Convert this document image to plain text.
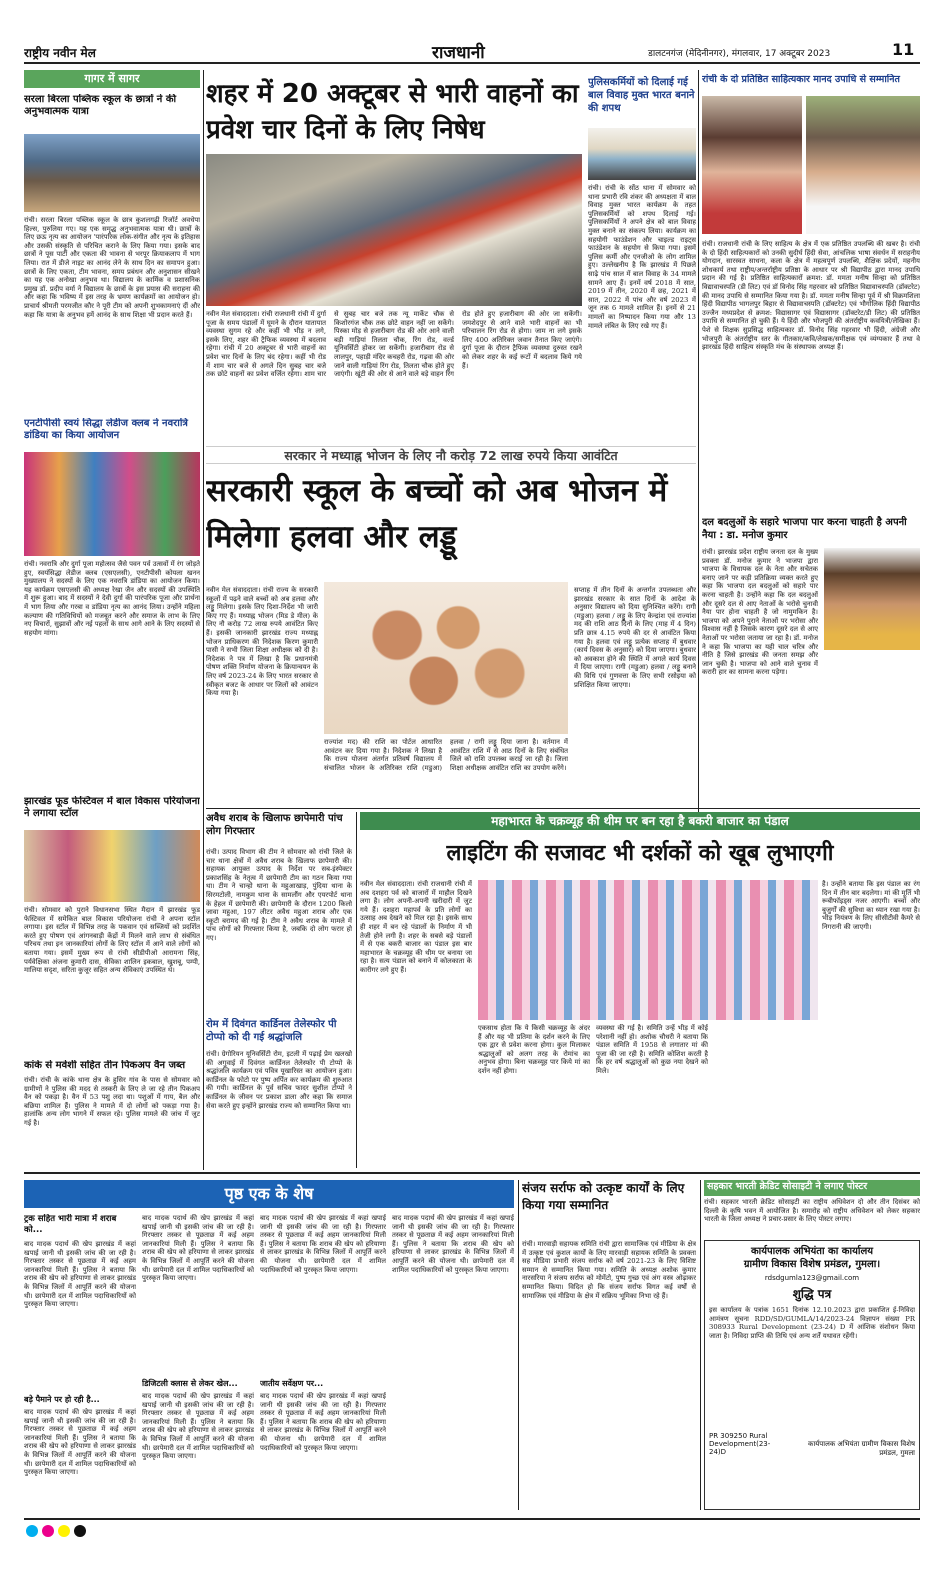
राष्ट्रीय नवीन मेल	राजधानी	डालटनगंज (मेदिनीनगर), मंगलवार, 17 अक्टूबर 2023	11
गागर में सागर
सरला बिरला पब्लिक स्कूल के छात्रों ने की अनुभवात्मक यात्रा
रांची। सरला बिरला पब्लिक स्कूल के छात्र कुशलगढ़ी रिजॉर्ट अवधेपा हिल्स, पुरुलिया गए। यह एक समृद्ध अनुभवात्मक यात्रा थी। छात्रों के लिए छऊ नृत्य का आयोजन 'पारंपरिक लोक-संगीत और नृत्य के इतिहास और उसकी संस्कृति से परिचित कराने के लिए किया गया। इसके बाद छात्रों ने पूस पार्टी और एकता की भावना से भरपूर क्रियाकलाप में भाग लिया। रात में डीजे नाइट का आनंद लेने के साथ दिन का समापन हुआ। छात्रों के लिए एकता, टीम भावना, समय प्रबंधन और अनुशासन सीखने का यह एक अनोखा अनुभव था। विद्यालय के कार्मिक व प्रशासनिक प्रमुख डॉ. प्रदीप वर्मा ने विद्यालय के छात्रों के इस प्रयास की सराहना की और कहा कि भविष्य में इस तरह के भ्रमण कार्यक्रमों का आयोजन हो। प्राचार्य श्रीमती परमजीत कौर ने पूरी टीम को अपनी शुभकामनाएं दीं और कहा कि यात्रा के अनुभव हमें आनंद के साथ शिक्षा भी प्रदान करते हैं।
एनटीपीसी स्वयं सिद्धा लेडीज क्लब ने नवरात्रि डांडिया का किया आयोजन
रांची। नवरात्रि और दुर्गा पूजा महोत्सव जैसे पवन पर्व उत्सवों में रंग जोड़ते हुए, स्वयंसिद्धा लेडीज क्लब (एसएलसी), एनटीपीसी कोयला खनन मुख्यालय ने सदस्यों के लिए एक नवरात्रि डांडिया का आयोजन किया। यह कार्यक्रम एसएलसी की अध्यक्ष रेखा जैन और सदस्यों की उपस्थिति में शुरू हुआ। बाद में सदस्यों ने देवी दुर्गा की पारंपरिक पूजा और प्रार्थना में भाग लिया और गरबा व डांडिया नृत्य का आनंद लिया। उन्होंने महिला कल्याण की गतिविधियों को मजबूत करने और समाज के लाभ के लिए नए विचारों, सुझावों और नई पहलों के साथ आगे आने के लिए सदस्यों से सहयोग मांगा।
झारखंड फूड फेस्टिवल में बाल विकास परियोजना ने लगाया स्टॉल
रांची। सोमवार को पुराने विधानसभा स्थित मैदान में झारखंड फूड फेस्टिवल में समेकित बाल विकास परियोजना रांची ने अपना स्टॉल लगाया। इस स्टॉल में विभिन्न तरह के पकवान एवं सब्जियों को प्रदर्शित करते हुए पोषण एवं आंगनबाड़ी केंद्रों में मिलने वाले लाभ से संबंधित परिचय तथा इन जानकारियां लोगों के लिए स्टॉल में आने वाले लोगों को बताया गया। इसमें मुख्य रूप से रांची सीडीपीओ आरामना सिंह, पर्यवेक्षिका अंजना कुमारी दास, सेविका शालिन इकबाल, खुशबू, पम्पी, मालिया सदृश, सरिता कुजूर सहित अन्य सेविकाएं उपस्थित थे।
कांके से मवेशी सहित तीन पिकअप वैन जब्त
रांची। रांची के कांके थाना क्षेत्र के हुसिर गांव के पास से सोमवार को ग्रामीणों ने पुलिस की मदद से तस्करी के लिए ले जा रहे तीन पिकअप वैन को पकड़ा है। वैन में 53 पशु लदा था। पशुओं में गाय, बैल और बछिया शामिल हैं। पुलिस ने मामले में दो लोगों को पकड़ा गया है। हालांकि अन्य लोग भागने में सफल रहे। पुलिस मामले की जांच में जुट गई है।
शहर में 20 अक्टूबर से भारी वाहनों का प्रवेश चार दिनों के लिए निषेध
नवीन मेल संवाददाता। रांची राजधानी रांची में दुर्गा पूजा के समय पंडालों में घूमने के दौरान यातायात व्यवस्था सुगम रहे और कहीं भी भीड़ न लगे, इसके लिए, शहर की ट्रैफिक व्यवस्था में बदलाव रहेगा। रांची में 20 अक्टूबर से भारी वाहनों का प्रवेश चार दिनों के लिए बंद रहेगा। कहीं भी रोड में शाम चार बजे से अगले दिन सुबह चार बजे तक छोटे वाहनों का प्रवेश वर्जित रहेगा। शाम चार से सुबह चार बजे तक न्यू मार्केट चौक से किशोरगंज चौक तक छोटे वाहन नहीं जा सकेंगे। पिस्का मोड़ से हजारीबाग रोड की ओर आने वाली बड़ी गाड़ियां तिलता चौक, रिंग रोड, वर्ल्ड यूनिवर्सिटी होकर जा सकेंगी। हजारीबाग रोड से लालपुर, पहाड़ी मंदिर कचहरी रोड, गढ़वा की ओर जाने वाली गाड़ियां रिंग रोड, तिलता चौक होते हुए जाएंगी। खूंटी की ओर से आने वाले बड़े वाहन रिंग रोड होते हुए हजारीबाग की ओर जा सकेंगी। जमशेदपुर से आने वाले भारी वाहनों का भी परिचालन रिंग रोड से होगा। जाम ना लगे इसके लिए 400 अतिरिक्त जवान तैनात किए जाएंगे। दुर्गा पूजा के दौरान ट्रैफिक व्यवस्था दुरुस्त रखने को लेकर शहर के कई रूटों में बदलाव किये गये हैं।
पुलिसकर्मियों को दिलाई गई बाल विवाह मुक्त भारत बनाने की शपथ
रांची। रांची के सोंठ थाना में सोमवार को थाना प्रभारी रवि शंकर की अध्यक्षता में बाल विवाह मुक्त भारत कार्यक्रम के तहत पुलिसकर्मियों को शपथ दिलाई गई। पुलिसकर्मियों ने अपने क्षेत्र को बाल विवाह मुक्त बनाने का संकल्प लिया। कार्यक्रम का सहयोगी फाउंडेशन और चाइल्ड राइट्स फाउंडेशन के सहयोग से किया गया। इसमें पुलिस कर्मी और एनजीओ के लोग शामिल हुए। उल्लेखनीय है कि झारखंड में पिछले साढ़े पांच साल में बाल विवाह के 34 मामले सामने आए हैं। इनमें वर्ष 2018 में सात, 2019 में तीन, 2020 में छह, 2021 में सात, 2022 में पांच और वर्ष 2023 में जून तक 6 मामले शामिल हैं। इनमें से 21 मामलों का निष्पादन किया गया और 13 मामले लंबित के लिए रखे गए हैं।
रांची के दो प्रतिष्ठित साहित्यकार मानद उपाधि से सम्मानित
रांची। राजधानी रांची के लिए साहित्य के क्षेत्र में एक प्रतिष्ठित उपलब्धि की खबर है। रांची के दो हिंदी साहित्यकारों को उनकी सुदीर्घ हिंदी सेवा, आंचलिक भाषा संवर्धन में सराहनीय योगदान, सारस्वत साधना, कला के क्षेत्र में महत्वपूर्ण उपलब्धि, शैक्षिक प्रदेयों, महनीय शोधकार्य तथा राष्ट्रीय/अन्तर्राष्ट्रीय प्रतिष्ठा के आधार पर श्री विद्यापीठ द्वारा मानद उपाधि प्रदान की गई है। प्रतिष्ठित साहित्यकारों क्रमश: डॉ. ममता मनीष सिन्हा को प्रतिष्ठित विद्यावाचस्पति (डी लिट) एवं डॉ विनोद सिंह गहरवार को प्रतिष्ठित विद्यावाचस्पति (डॉक्टरेट) की मानद उपाधि से सम्मानित किया गया है। डॉ. ममता मनीष सिन्हा पूर्व में श्री विक्रमशिला हिंदी विद्यापीठ भागलपुर बिहार से विद्यावाचस्पति (डॉक्टरेट) एवं भौगोलिक हिंदी विद्यापीठ उज्जैन मध्यप्रदेश से क्रमश: विद्यासागर एवं विद्यासागर (डॉक्टरेट/डी लिट) की प्रतिष्ठित उपाधि से सम्मानित हो चुकी हैं। ये हिंदी और भोजपुरी की अंतर्राष्ट्रीय कवयित्री/लेखिका हैं। पेशे से शिक्षक सुप्रसिद्ध साहित्यकार डॉ. विनोद सिंह गहरवार भी हिंदी, अंग्रेजी और भोजपुरी के अंतर्राष्ट्रीय स्तर के गीतकार/कवि/लेखक/समीक्षक एवं व्यंग्यकार हैं तथा वे झारखंड हिंदी साहित्य संस्कृति मंच के संस्थापक अध्यक्ष हैं।
दल बदलुओं के सहारे भाजपा पार करना चाहती है अपनी नैया : डा. मनोज कुमार
रांची। झारखंड प्रदेश राष्ट्रीय जनता दल के मुख्य प्रवक्ता डॉ. मनोज कुमार ने भाजपा द्वारा भाजपा के विधायक दल के नेता और सचेतक बनाए जाने पर कड़ी प्रतिक्रिया व्यक्त करते हुए कहा कि भाजपा दल बदलुओं को सहारे पार करना चाहती है। उन्होंने कहा कि दल बदलुओं और दूसरे दल से आए नेताओं के भरोसे चुनावी नैया पार होना चाहती है जो नामुमकिन है। भाजपा को अपने पुराने नेताओं पर भरोसा और विश्वास नहीं है जिसके कारण दूसरे दल से आए नेताओं पर भरोसा जताया जा रहा है। डॉ. मनोज ने कहा कि भाजपा का यही चाल चरित्र और नीति है जिसे झारखंड की जनता समझ और जान चुकी है। भाजपा को आने वाले चुनाव में करारी हार का सामना करना पड़ेगा।
सरकार ने मध्याह्न भोजन के लिए नौ करोड़ 72 लाख रुपये किया आवंटित
सरकारी स्कूल के बच्चों को अब भोजन में मिलेगा हलवा और लड्डू
नवीन मेल संवाददाता। रांची राज्य के सरकारी स्कूलों में पढ़ने वाले बच्चों को अब हलवा और लड्डू मिलेगा। इसके लिए दिशा-निर्देश भी जारी किए गए हैं। मध्याह्न भोजन (मिड डे मील) के लिए नौ करोड़ 72 लाख रुपये आवंटित किए हैं। इसकी जानकारी झारखंड राज्य मध्याह्न भोजन प्राधिकरण की निदेशक किरण कुमारी पासी ने सभी जिला शिक्षा अधीक्षक को दी है। निदेशक ने पत्र में लिखा है कि प्रधानमंत्री पोषण शक्ति निर्माण योजना के क्रियान्वयन के लिए वर्ष 2023-24 के लिए भारत सरकार से स्वीकृत बजट के आधार पर जिलों को आवंटन किया गया है।
राज्यांश मद) की राशि का पोर्टल आधारित आवंटन कर दिया गया है। निदेशक ने लिखा है कि राज्य योजना अंतर्गत प्रतिवर्ष विद्यालय में संचालित भोजन के अतिरिक्त राशि (मडुआ) हलवा / रागी लड्डू दिया जाना है। वर्तमान में आवंटित राशि में से आठ दिनों के लिए संबंधित जिले को राशि उपलब्ध कराई जा रही है। जिला शिक्षा अधीक्षक आवंटित राशि का उपयोग करेंगे।
सप्ताह में तीन दिनों के अन्तर्गत उपलब्धता और झारखंड सरकार के सात दिनों के आदेश के अनुसार विद्यालय को दिया सुनिश्चित करेंगे। रागी (मडुआ) हलवा / लड्डू के लिए केन्द्रांश एवं राज्यांश मद की राशि आठ दिनों के लिए (माह में 4 दिन) प्रति छात्र 4.15 रुपये की दर से आवंटित किया गया है। हलवा एवं लड्डू प्रत्येक सप्ताह में बुधवार (कार्य दिवस के अनुसार) को दिया जाएगा। बुधवार को अवकाश होने की स्थिति में अगले कार्य दिवस में दिया जाएगा। रागी (मडुआ) हलवा / लड्डू बनाने की विधि एवं गुणवत्ता के लिए सभी रसोइया को प्रशिक्षित किया जाएगा।
अवैध शराब के खिलाफ छापेमारी पांच लोग गिरफ्तार
रांची। उत्पाद विभाग की टीम ने सोमवार को रांची जिले के चार थाना क्षेत्रों में अवैध शराब के खिलाफ छापेमारी की। सहायक आयुक्त उत्पाद के निर्देश पर सब-इंस्पेक्टर प्रकाशसिंह के नेतृत्व में छापेमारी टीम का गठन किया गया था। टीम ने चान्हो थाना के महुआखाड़, पुंदिया थाना के सिरमटोली, नामकुम थाना के सामलौंग और एयरपोर्ट थाना के हेहल में छापेमारी की। छापेमारी के दौरान 1200 किलो जावा महुआ, 197 लीटर अवैध महुआ शराब और एक स्कूटी बरामद की गई है। टीम ने अवैध शराब के मामले में पांच लोगों को गिरफ्तार किया है, जबकि दो लोग फरार हो गए।
रोम में दिवंगत कार्डिनल तेलेस्फोर पी टोप्पो को दी गई श्रद्धांजलि
रांची। ग्रेगोरियन यूनिवर्सिटी रोम, इटली में पढ़ाई प्रेम खलखो की अगुवाई में दिवंगत कार्डिनल तेलेस्फोर पी टोप्पो के श्रद्धांजलि कार्यक्रम एवं पवित्र यूखारिस्त का आयोजन हुआ। कार्डिनल के फोटो पर पुष्प अर्पित कर कार्यक्रम की शुरुआत की गयी। कार्डिनल के पूर्व सचिव फादर सुशील टोप्पो ने कार्डिनल के जीवन पर प्रकाश डाला और कहा कि समाज सेवा करते हुए इन्होंने झारखंड राज्य को सम्मानित किया था।
महाभारत के चक्रव्यूह की थीम पर बन रहा है बकरी बाजार का पंडाल
लाइटिंग की सजावट भी दर्शकों को खूब लुभाएगी
नवीन मेल संवाददाता। रांची राजधानी रांची में अब दशहरा पर्व को बाजारों में माहौल दिखने लगा है। लोग अपनी-अपनी खरीदारी में जुट गये हैं। दशहरा महापर्व के प्रति लोगों का उत्साह अब देखने को मिल रहा है। इसके साथ ही शहर में बन रहे पंडालों के निर्माण में भी तेजी होने लगी है। शहर के सबसे बड़े पंडालों में से एक बकरी बाजार का पंडाल इस बार महाभारत के चक्रव्यूह की थीम पर बनाया जा रहा है। सत्य पंडाल को बनाने में कोलकाता के कारीगर लगे हुए हैं।
एकसाथ होता कि ये किसी चक्रव्यूह के अंदर हैं और यह भी प्रतिमा के दर्शन करने के लिए एक द्वार से प्रवेश करना होगा। कुल मिलाकर श्रद्धालुओं को अलग तरह के रोमांच का अनुभव होगा। बिना चक्रव्यूह पार किये मां का दर्शन नहीं होगा।
व्यवस्था की गई है। समिति उन्हें भीड़ में कोई परेशानी नहीं हो। अशोक चौधरी ने बताया कि पंडाल समिति में 1958 से लगातार मां की पूजा की जा रही है। समिति कोशिश करती है कि हर वर्ष श्रद्धालुओं को कुछ नया देखने को मिले।
है। उन्होंने बताया कि इस पंडाल का रंग दिन में तीन बार बदलेगा। मां की मूर्ति भी रूबीफॉइड्स नजर आएगी। बच्चों और बुजुर्गों की सुविधा का ध्यान रखा गया है। भीड़ नियंत्रण के लिए सीसीटीवी कैमरे से निगरानी की जाएगी।
पृष्ठ एक के शेष
ट्रक सहित भारी मात्रा में शराब को...
बाद मादक पदार्थ की खेप झारखंड में कहां खपाई जानी थी इसकी जांच की जा रही है। गिरफ्तार तस्कर से पूछताछ में कई अहम जानकारियां मिली हैं। पुलिस ने बताया कि शराब की खेप को हरियाणा से लाकर झारखंड के विभिन्न जिलों में आपूर्ति करने की योजना थी। छापेमारी दल में शामिल पदाधिकारियों को पुरस्कृत किया जाएगा।
बड़े पैमाने पर हो रही है...
बाद मादक पदार्थ की खेप झारखंड में कहां खपाई जानी थी इसकी जांच की जा रही है। गिरफ्तार तस्कर से पूछताछ में कई अहम जानकारियां मिली हैं। पुलिस ने बताया कि शराब की खेप को हरियाणा से लाकर झारखंड के विभिन्न जिलों में आपूर्ति करने की योजना थी। छापेमारी दल में शामिल पदाधिकारियों को पुरस्कृत किया जाएगा।
बाद मादक पदार्थ की खेप झारखंड में कहां खपाई जानी थी इसकी जांच की जा रही है। गिरफ्तार तस्कर से पूछताछ में कई अहम जानकारियां मिली हैं। पुलिस ने बताया कि शराब की खेप को हरियाणा से लाकर झारखंड के विभिन्न जिलों में आपूर्ति करने की योजना थी। छापेमारी दल में शामिल पदाधिकारियों को पुरस्कृत किया जाएगा।
डिजिटली क्लास से लेकर खेल...
बाद मादक पदार्थ की खेप झारखंड में कहां खपाई जानी थी इसकी जांच की जा रही है। गिरफ्तार तस्कर से पूछताछ में कई अहम जानकारियां मिली हैं। पुलिस ने बताया कि शराब की खेप को हरियाणा से लाकर झारखंड के विभिन्न जिलों में आपूर्ति करने की योजना थी। छापेमारी दल में शामिल पदाधिकारियों को पुरस्कृत किया जाएगा।
बाद मादक पदार्थ की खेप झारखंड में कहां खपाई जानी थी इसकी जांच की जा रही है। गिरफ्तार तस्कर से पूछताछ में कई अहम जानकारियां मिली हैं। पुलिस ने बताया कि शराब की खेप को हरियाणा से लाकर झारखंड के विभिन्न जिलों में आपूर्ति करने की योजना थी। छापेमारी दल में शामिल पदाधिकारियों को पुरस्कृत किया जाएगा।
जातीय सर्वेक्षण पर...
बाद मादक पदार्थ की खेप झारखंड में कहां खपाई जानी थी इसकी जांच की जा रही है। गिरफ्तार तस्कर से पूछताछ में कई अहम जानकारियां मिली हैं। पुलिस ने बताया कि शराब की खेप को हरियाणा से लाकर झारखंड के विभिन्न जिलों में आपूर्ति करने की योजना थी। छापेमारी दल में शामिल पदाधिकारियों को पुरस्कृत किया जाएगा।
बाद मादक पदार्थ की खेप झारखंड में कहां खपाई जानी थी इसकी जांच की जा रही है। गिरफ्तार तस्कर से पूछताछ में कई अहम जानकारियां मिली हैं। पुलिस ने बताया कि शराब की खेप को हरियाणा से लाकर झारखंड के विभिन्न जिलों में आपूर्ति करने की योजना थी। छापेमारी दल में शामिल पदाधिकारियों को पुरस्कृत किया जाएगा।
संजय सर्राफ को उत्कृष्ट कार्यों के लिए किया गया सम्मानित
रांची। मारवाड़ी सहायक समिति रांची द्वारा सामाजिक एवं मीडिया के क्षेत्र में उत्कृष्ट एवं कुशल कार्यों के लिए मारवाड़ी सहायक समिति के प्रवक्ता सह मीडिया प्रभारी संजय सर्राफ को वर्ष 2021-23 के लिए विशिष्ट सम्मान से सम्मानित किया गया। समिति के अध्यक्ष अशोक कुमार नारसरिया ने संजय सर्राफ को मोमेंटो, पुष्प गुच्छ एवं अंग वस्त्र ओढ़ाकर सम्मानित किया। विदित हो कि संजय सर्राफ विगत कई वर्षों से सामाजिक एवं मीडिया के क्षेत्र में सक्रिय भूमिका निभा रहे हैं।
सहकार भारती क्रेडिट सोसाइटी ने लगाए पोस्टर
रांची। सहकार भारती क्रेडिट सोसाइटी का राष्ट्रीय अधिवेशन दो और तीन दिसंबर को दिल्ली के कृषि भवन में आयोजित है। समारोह को राष्ट्रीय अधिवेशन को लेकर सहकार भारती के जिला अध्यक्ष ने प्रचार-प्रसार के लिए पोस्टर लगाए।
कार्यपालक अभियंता का कार्यालय
ग्रामीण विकास विशेष प्रमंडल, गुमला।
rdsdgumla123@gmail.com
शुद्धि पत्र
इस कार्यालय के पत्रांक 1651 दिनांक 12.10.2023 द्वारा प्रकाशित ई-निविदा आमंत्रण सूचना RDD/SD/GUMLA/14/2023-24 विज्ञापन संख्या PR 308933 Rural Development (23-24) D में आंशिक संशोधन किया जाता है। निविदा प्राप्ति की तिथि एवं अन्य शर्तें यथावत रहेंगी।
PR 309250 Rural Development(23-24)D
कार्यपालक अभियंता ग्रामीण विकास विशेष प्रमंडल, गुमला
